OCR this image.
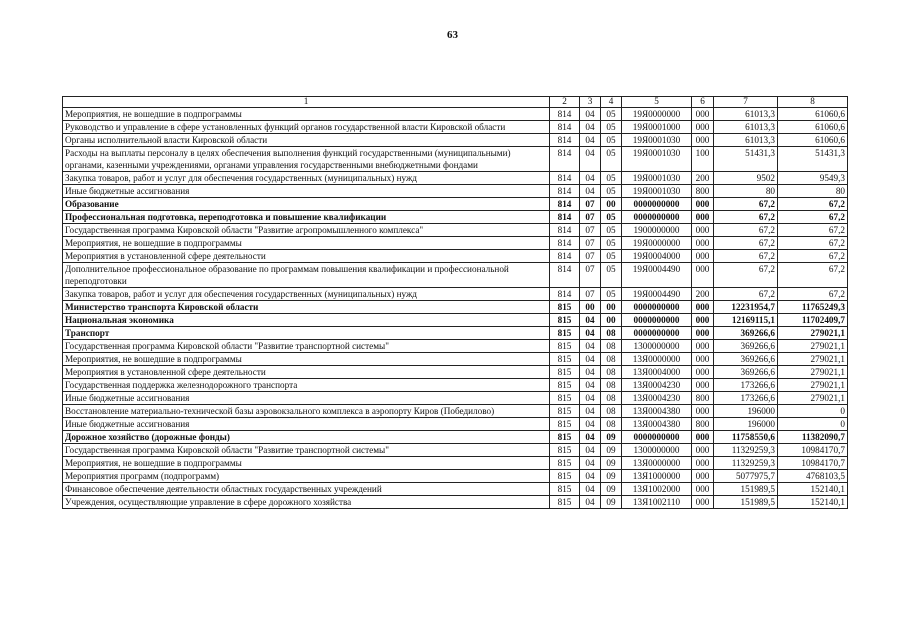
63
1	2	3	4	5	6	7	8
Мероприятия, не вошедшие в подпрограммы	814	04	05	19Я0000000	000	61013,3	61060,6
Руководство и управление в сфере установленных функций органов государственной власти Кировской области	814	04	05	19Я0001000	000	61013,3	61060,6
Органы исполнительной власти Кировской области	814	04	05	19Я0001030	000	61013,3	61060,6
Расходы на выплаты персоналу в целях обеспечения выполнения функций государственными (муниципальными) органами, казенными учреждениями, органами управления государственными внебюджетными фондами	814	04	05	19Я0001030	100	51431,3	51431,3
Закупка товаров, работ и услуг для обеспечения государственных (муниципальных) нужд	814	04	05	19Я0001030	200	9502	9549,3
Иные бюджетные ассигнования	814	04	05	19Я0001030	800	80	80
Образование	814	07	00	0000000000	000	67,2	67,2
Профессиональная подготовка, переподготовка и повышение квалификации	814	07	05	0000000000	000	67,2	67,2
Государственная программа Кировской области "Развитие агропромышленного комплекса"	814	07	05	1900000000	000	67,2	67,2
Мероприятия, не вошедшие в подпрограммы	814	07	05	19Я0000000	000	67,2	67,2
Мероприятия в установленной сфере деятельности	814	07	05	19Я0004000	000	67,2	67,2
Дополнительное профессиональное образование по программам повышения квалификации и профессиональной переподготовки	814	07	05	19Я0004490	000	67,2	67,2
Закупка товаров, работ и услуг для обеспечения государственных (муниципальных) нужд	814	07	05	19Я0004490	200	67,2	67,2
Министерство транспорта Кировской области	815	00	00	0000000000	000	12231954,7	11765249,3
Национальная экономика	815	04	00	0000000000	000	12169115,1	11702409,7
Транспорт	815	04	08	0000000000	000	369266,6	279021,1
Государственная программа Кировской области "Развитие транспортной системы"	815	04	08	1300000000	000	369266,6	279021,1
Мероприятия, не вошедшие в подпрограммы	815	04	08	13Я0000000	000	369266,6	279021,1
Мероприятия в установленной сфере деятельности	815	04	08	13Я0004000	000	369266,6	279021,1
Государственная поддержка железнодорожного транспорта	815	04	08	13Я0004230	000	173266,6	279021,1
Иные бюджетные ассигнования	815	04	08	13Я0004230	800	173266,6	279021,1
Восстановление материально-технической базы аэровокзального комплекса в аэропорту Киров (Победилово)	815	04	08	13Я0004380	000	196000	0
Иные бюджетные ассигнования	815	04	08	13Я0004380	800	196000	0
Дорожное хозяйство (дорожные фонды)	815	04	09	0000000000	000	11758550,6	11382090,7
Государственная программа Кировской области "Развитие транспортной системы"	815	04	09	1300000000	000	11329259,3	10984170,7
Мероприятия, не вошедшие в подпрограммы	815	04	09	13Я0000000	000	11329259,3	10984170,7
Мероприятия программ (подпрограмм)	815	04	09	13Я1000000	000	5077975,7	4768103,5
Финансовое обеспечение деятельности областных государственных учреждений	815	04	09	13Я1002000	000	151989,5	152140,1
Учреждения, осуществляющие управление в сфере дорожного хозяйства	815	04	09	13Я1002110	000	151989,5	152140,1
